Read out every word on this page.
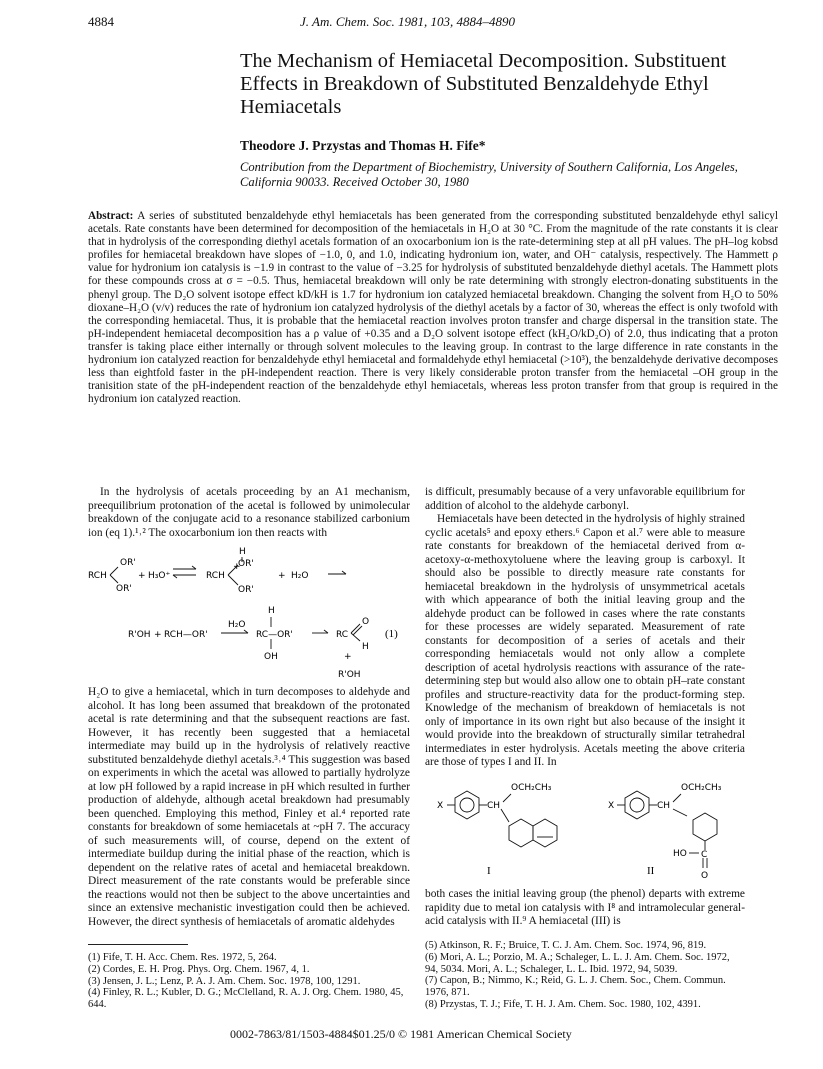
4884	J. Am. Chem. Soc. 1981, 103, 4884–4890
The Mechanism of Hemiacetal Decomposition. Substituent Effects in Breakdown of Substituted Benzaldehyde Ethyl Hemiacetals
Theodore J. Przystas and Thomas H. Fife*
Contribution from the Department of Biochemistry, University of Southern California, Los Angeles, California 90033. Received October 30, 1980
Abstract: A series of substituted benzaldehyde ethyl hemiacetals has been generated from the corresponding substituted benzaldehyde ethyl salicyl acetals. Rate constants have been determined for decomposition of the hemiacetals in H₂O at 30 °C. From the magnitude of the rate constants it is clear that in hydrolysis of the corresponding diethyl acetals formation of an oxocarbonium ion is the rate-determining step at all pH values. The pH–log kobsd profiles for hemiacetal breakdown have slopes of −1.0, 0, and 1.0, indicating hydronium ion, water, and OH⁻ catalysis, respectively. The Hammett ρ value for hydronium ion catalysis is −1.9 in contrast to the value of −3.25 for hydrolysis of substituted benzaldehyde diethyl acetals. The Hammett plots for these compounds cross at σ = −0.5. Thus, hemiacetal breakdown will only be rate determining with strongly electron-donating substituents in the phenyl group. The D₂O solvent isotope effect kD/kH is 1.7 for hydronium ion catalyzed hemiacetal breakdown. Changing the solvent from H₂O to 50% dioxane–H₂O (v/v) reduces the rate of hydronium ion catalyzed hydrolysis of the diethyl acetals by a factor of 30, whereas the effect is only twofold with the corresponding hemiacetal. Thus, it is probable that the hemiacetal reaction involves proton transfer and charge dispersal in the transition state. The pH-independent hemiacetal decomposition has a ρ value of +0.35 and a D₂O solvent isotope effect (kH₂O/kD₂O) of 2.0, thus indicating that a proton transfer is taking place either internally or through solvent molecules to the leaving group. In contrast to the large difference in rate constants in the hydronium ion catalyzed reaction for benzaldehyde ethyl hemiacetal and formaldehyde ethyl hemiacetal (>10³), the benzaldehyde derivative decomposes less than eightfold faster in the pH-independent reaction. There is very likely considerable proton transfer from the hemiacetal –OH group in the tranisition state of the pH-independent reaction of the benzaldehyde ethyl hemiacetals, whereas less proton transfer from that group is required in the hydronium ion catalyzed reaction.

In the hydrolysis of acetals proceeding by an A1 mechanism, preequilibrium protonation of the acetal is followed by unimolecular breakdown of the conjugate acid to a resonance stabilized carbonium ion (eq 1).¹˒² The oxocarbonium ion then reacts with

OR'
RCH
OR'
+ H₃O⁺	RCH
+
H
OR'
OR'
+ H₂O
R'OH + RCH—OR'
H₂O
H
RC—OR'
OH
RC
O
H
+
R'OH
(1)

H₂O to give a hemiacetal, which in turn decomposes to aldehyde and alcohol. It has long been assumed that breakdown of the protonated acetal is rate determining and that the subsequent reactions are fast. However, it has recently been suggested that a hemiacetal intermediate may build up in the hydrolysis of relatively reactive substituted benzaldehyde diethyl acetals.³˒⁴ This suggestion was based on experiments in which the acetal was allowed to partially hydrolyze at low pH followed by a rapid increase in pH which resulted in further production of aldehyde, although acetal breakdown had presumably been quenched. Employing this method, Finley et al.⁴ reported rate constants for breakdown of some hemiacetals at ~pH 7. The accuracy of such measurements will, of course, depend on the extent of intermediate buildup during the initial phase of the reaction, which is dependent on the relative rates of acetal and hemiacetal breakdown. Direct measurement of the rate constants would be preferable since the reactions would not then be subject to the above uncertainties and since an extensive mechanistic investigation could then be achieved. However, the direct synthesis of hemiacetals of aromatic aldehydes

is difficult, presumably because of a very unfavorable equilibrium for addition of alcohol to the aldehyde carbonyl.

Hemiacetals have been detected in the hydrolysis of highly strained cyclic acetals⁵ and epoxy ethers.⁶ Capon et al.⁷ were able to measure rate constants for breakdown of the hemiacetal derived from α-acetoxy-α-methoxytoluene where the leaving group is carboxyl. It should also be possible to directly measure rate constants for hemiacetal breakdown in the hydrolysis of unsymmetrical acetals with which appearance of both the initial leaving group and the aldehyde product can be followed in cases where the rate constants for these processes are widely separated. Measurement of rate constants for decomposition of a series of acetals and their corresponding hemiacetals would not only allow a complete description of acetal hydrolysis reactions with assurance of the rate-determining step but would also allow one to obtain pH–rate constant profiles and structure-reactivity data for the product-forming step. Knowledge of the mechanism of breakdown of hemiacetals is not only of importance in its own right but also because of the insight it would provide into the breakdown of structurally similar tetrahedral intermediates in ester hydrolysis. Acetals meeting the above criteria are those of types I and II. In

X	CH
OCH₂CH₃
X	CH
OCH₂CH₃
HO C
O
I	II

both cases the initial leaving group (the phenol) departs with extreme rapidity due to metal ion catalysis with I⁸ and intramolecular general-acid catalysis with II.⁹ A hemiacetal (III) is

(1) Fife, T. H. Acc. Chem. Res. 1972, 5, 264.
(2) Cordes, E. H. Prog. Phys. Org. Chem. 1967, 4, 1.
(3) Jensen, J. L.; Lenz, P. A. J. Am. Chem. Soc. 1978, 100, 1291.
(4) Finley, R. L.; Kubler, D. G.; McClelland, R. A. J. Org. Chem. 1980, 45, 644.
(5) Atkinson, R. F.; Bruice, T. C. J. Am. Chem. Soc. 1974, 96, 819.
(6) Mori, A. L.; Porzio, M. A.; Schaleger, L. L. J. Am. Chem. Soc. 1972, 94, 5034. Mori, A. L.; Schaleger, L. L. Ibid. 1972, 94, 5039.
(7) Capon, B.; Nimmo, K.; Reid, G. L. J. Chem. Soc., Chem. Commun. 1976, 871.
(8) Przystas, T. J.; Fife, T. H. J. Am. Chem. Soc. 1980, 102, 4391.
0002-7863/81/1503-4884$01.25/0 © 1981 American Chemical Society
